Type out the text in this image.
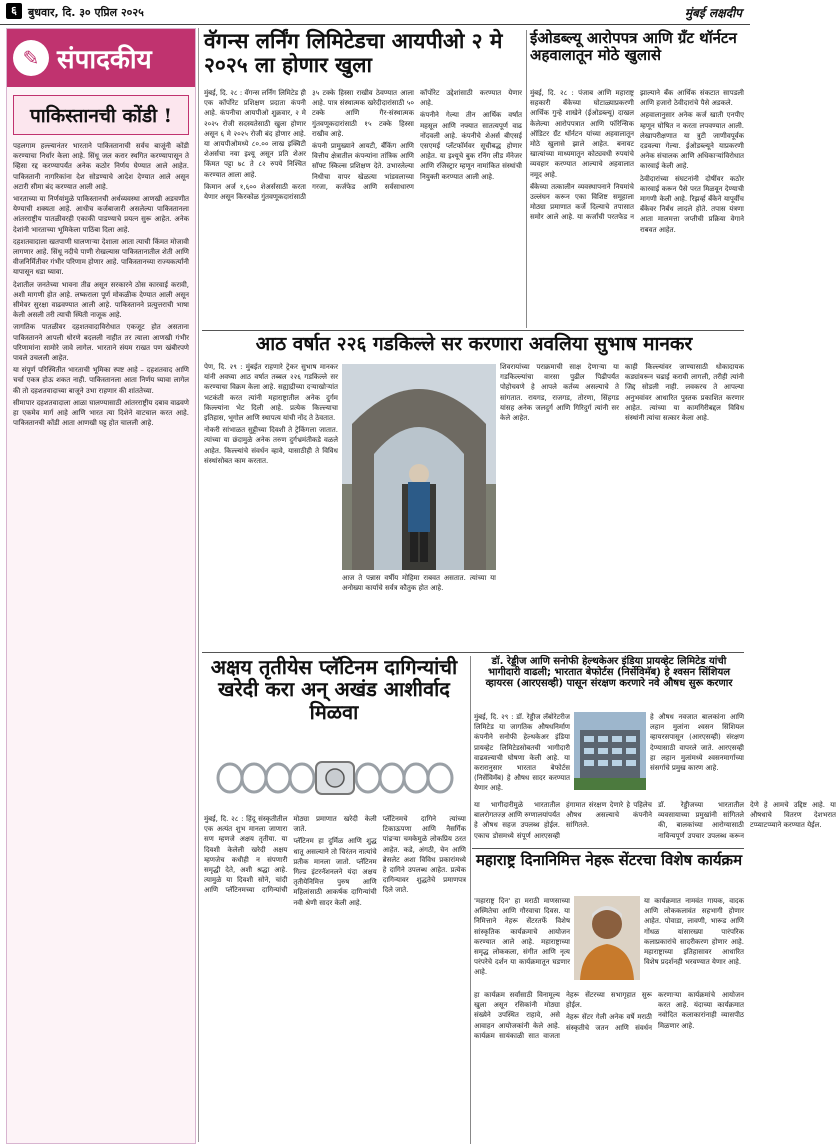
६	बुधवार, दि. ३० एप्रिल २०२५	मुंबई लक्षदीप
✎ संपादकीय
पाकिस्तानची कोंडी !

पहलगाम हल्ल्यानंतर भारताने पाकिस्तानाची सर्वच बाजूंनी कोंडी करण्याचा निर्धार केला आहे. सिंधू जल करार स्थगित करण्यापासून ते व्हिसा रद्द करण्यापर्यंत अनेक कठोर निर्णय घेण्यात आले आहेत. पाकिस्तानी नागरिकांना देश सोडण्याचे आदेश देण्यात आले असून अटारी सीमा बंद करण्यात आली आहे.

भारताच्या या निर्णयांमुळे पाकिस्तानची अर्थव्यवस्था आणखी अडचणीत येण्याची शक्यता आहे. आधीच कर्जबाजारी असलेल्या पाकिस्तानला आंतरराष्ट्रीय पातळीवरही एकाकी पाडण्याचे प्रयत्न सुरू आहेत. अनेक देशांनी भारताच्या भूमिकेला पाठिंबा दिला आहे.

दहशतवादाला खतपाणी घालणाऱ्या देशाला आता त्याची किंमत मोजावी लागणार आहे. सिंधू नदीचे पाणी रोखल्यास पाकिस्तानातील शेती आणि वीजनिर्मितीवर गंभीर परिणाम होणार आहे. पाकिस्तानच्या राज्यकर्त्यांनी यापासून धडा घ्यावा.

देशातील जनतेच्या भावना तीव्र असून सरकारने ठोस कारवाई करावी, अशी मागणी होत आहे. लष्कराला पूर्ण मोकळीक देण्यात आली असून सीमेवर सुरक्षा वाढवण्यात आली आहे. पाकिस्तानने प्रत्युत्तराची भाषा केली असली तरी त्याची स्थिती नाजूक आहे.

जागतिक पातळीवर दहशतवादाविरोधात एकजूट होत असताना पाकिस्तानने आपली धोरणे बदलली नाहीत तर त्याला आणखी गंभीर परिणामांना सामोरे जावे लागेल. भारताने संयम राखत पण खंबीरपणे पावले उचलली आहेत.

या संपूर्ण परिस्थितीत भारताची भूमिका स्पष्ट आहे – दहशतवाद आणि चर्चा एकत्र होऊ शकत नाही. पाकिस्तानला आता निर्णय घ्यावा लागेल की तो दहशतवादाच्या बाजूने उभा राहणार की शांततेच्या.

सीमापार दहशतवादाला आळा घालण्यासाठी आंतरराष्ट्रीय दबाव वाढवणे हा एकमेव मार्ग आहे आणि भारत त्या दिशेने वाटचाल करत आहे. पाकिस्तानची कोंडी आता आणखी घट्ट होत चालली आहे.

वॅगन्स लर्निंग लिमिटेडचा आयपीओ २ मे २०२५ ला होणार खुला

मुंबई, दि. २८ : वॅगन्स लर्निंग लिमिटेड ही एक कॉर्पोरेट प्रशिक्षण प्रदाता कंपनी आहे. कंपनीचा आयपीओ शुक्रवार, २ मे २०२५ रोजी सदस्यतेसाठी खुला होणार असून ६ मे २०२५ रोजी बंद होणार आहे. या आयपीओमध्ये ८०.०० लाख इक्विटी शेअर्सचा नवा इश्यू असून प्रति शेअर किंमत पट्टा ७८ ते ८२ रुपये निश्चित करण्यात आला आहे.

किमान अर्ज १,६०० शेअर्ससाठी करता येणार असून किरकोळ गुंतवणूकदारांसाठी ३५ टक्के हिस्सा राखीव ठेवण्यात आला आहे. पात्र संस्थात्मक खरेदीदारांसाठी ५० टक्के आणि गैर-संस्थात्मक गुंतवणूकदारांसाठी १५ टक्के हिस्सा राखीव आहे.

कंपनी प्रामुख्याने आयटी, बँकिंग आणि वित्तीय क्षेत्रातील कंपन्यांना तांत्रिक आणि सॉफ्ट स्किल्स प्रशिक्षण देते. उभारलेल्या निधीचा वापर खेळत्या भांडवलाच्या गरजा, कर्जफेड आणि सर्वसाधारण कॉर्पोरेट उद्देशांसाठी करण्यात येणार आहे.

कंपनीने गेल्या तीन आर्थिक वर्षांत महसूल आणि नफ्यात सातत्यपूर्ण वाढ नोंदवली आहे. कंपनीचे शेअर्स बीएसई एसएमई प्लॅटफॉर्मवर सूचीबद्ध होणार आहेत. या इश्यूचे बुक रनिंग लीड मॅनेजर आणि रजिस्ट्रार म्हणून नामांकित संस्थांची नियुक्ती करण्यात आली आहे.

ईओडब्ल्यू आरोपपत्र आणि ग्रँट थॉर्नटन अहवालातून मोठे खुलासे

मुंबई, दि. २८ : पंजाब आणि महाराष्ट्र सहकारी बँकेच्या घोटाळ्याप्रकरणी आर्थिक गुन्हे शाखेने (ईओडब्ल्यू) दाखल केलेल्या आरोपपत्रात आणि फॉरेन्सिक ऑडिटर ग्रँट थॉर्नटन यांच्या अहवालातून मोठे खुलासे झाले आहेत. बनावट खात्यांच्या माध्यमातून कोट्यवधी रुपयांचे व्यवहार करण्यात आल्याचे अहवालात नमूद आहे.

बँकेच्या तत्कालीन व्यवस्थापनाने नियमांचे उल्लंघन करून एका विशिष्ट समूहाला मोठ्या प्रमाणात कर्जे दिल्याचे तपासात समोर आले आहे. या कर्जांची परतफेड न झाल्याने बँक आर्थिक संकटात सापडली आणि हजारो ठेवीदारांचे पैसे अडकले.

अहवालानुसार अनेक कर्ज खाती एनपीए म्हणून घोषित न करता लपवण्यात आली. लेखापरीक्षणात या त्रुटी जाणीवपूर्वक दडवल्या गेल्या. ईओडब्ल्यूने याप्रकरणी अनेक संचालक आणि अधिकाऱ्यांविरोधात कारवाई केली आहे.

ठेवीदारांच्या संघटनांनी दोषींवर कठोर कारवाई करून पैसे परत मिळवून देण्याची मागणी केली आहे. रिझर्व्ह बँकेने यापूर्वीच बँकेवर निर्बंध लादले होते. तपास यंत्रणा आता मालमत्ता जप्तीची प्रक्रिया वेगाने राबवत आहेत.

आठ वर्षात २२६ गडकिल्ले सर करणारा अवलिया सुभाष मानकर

पेण, दि. २९ : मुंबईत राहणारे ट्रेकर सुभाष मानकर यांनी अवघ्या आठ वर्षात तब्बल २२६ गडकिल्ले सर करण्याचा विक्रम केला आहे. सह्याद्रीच्या दऱ्याखोऱ्यांत भटकंती करत त्यांनी महाराष्ट्रातील अनेक दुर्गम किल्ल्यांना भेट दिली आहे. प्रत्येक किल्ल्याचा इतिहास, भूगोल आणि स्थापत्य यांची नोंद ते ठेवतात.

नोकरी सांभाळत सुट्टीच्या दिवशी ते ट्रेकिंगला जातात. त्यांच्या या छंदामुळे अनेक तरुण दुर्गभ्रमंतीकडे वळले आहेत. किल्ल्यांचे संवर्धन व्हावे, यासाठीही ते विविध संस्थांसोबत काम करतात.

आज ते पन्नास वर्षीय मोहिमा राबवत असतात. त्यांच्या या अनोख्या कार्याचे सर्वत्र कौतुक होत आहे.

शिवरायांच्या पराक्रमाची साक्ष देणाऱ्या या गडकिल्ल्यांचा वारसा पुढील पिढीपर्यंत पोहोचवणे हे आपले कर्तव्य असल्याचे ते सांगतात. रायगड, राजगड, तोरणा, सिंहगड यांसह अनेक जलदुर्ग आणि गिरिदुर्ग त्यांनी सर केले आहेत.

काही किल्ल्यांवर जाण्यासाठी धोकादायक कड्यांवरून चढाई करावी लागली, तरीही त्यांनी जिद्द सोडली नाही. लवकरच ते आपल्या अनुभवांवर आधारित पुस्तक प्रकाशित करणार आहेत. त्यांच्या या कामगिरीबद्दल विविध संस्थांनी त्यांचा सत्कार केला आहे.

अक्षय तृतीयेस प्लॅटिनम दागिन्यांची खरेदी करा अन् अखंड आशीर्वाद मिळवा

मुंबई, दि. २८ : हिंदू संस्कृतीतील एक अत्यंत शुभ मानला जाणारा सण म्हणजे अक्षय तृतीया. या दिवशी केलेली खरेदी अक्षय म्हणजेच कधीही न संपणारी समृद्धी देते, अशी श्रद्धा आहे. त्यामुळे या दिवशी सोने, चांदी आणि प्लॅटिनमच्या दागिन्यांची मोठ्या प्रमाणात खरेदी केली जाते.

प्लॅटिनम हा दुर्मिळ आणि शुद्ध धातू असल्याने तो चिरंतन नात्यांचे प्रतीक मानला जातो. प्लॅटिनम गिल्ड इंटरनॅशनलने यंदा अक्षय तृतीयेनिमित्त पुरुष आणि महिलांसाठी आकर्षक दागिन्यांची नवी श्रेणी सादर केली आहे.

प्लॅटिनमचे दागिने त्यांच्या टिकाऊपणा आणि नैसर्गिक पांढऱ्या चमकेमुळे लोकप्रिय ठरत आहेत. कडे, अंगठी, चेन आणि ब्रेसलेट अशा विविध प्रकारांमध्ये हे दागिने उपलब्ध आहेत. प्रत्येक दागिन्यावर शुद्धतेचे प्रमाणपत्र दिले जाते.

डॉ. रेड्डीज आणि सनोफी हेल्थकेअर इंडिया प्रायव्हेट लिमिटेड यांची भागीदारी वाढली; भारतात बेफोर्टस (निर्सेविमॅब) हे श्वसन सिंशियल व्हायरस (आरएसव्ही) पासून संरक्षण करणारे नवे औषध सुरू करणार

मुंबई, दि. २९ : डॉ. रेड्डीज लॅबोरेटरीज लिमिटेड या जागतिक औषधनिर्माण कंपनीने सनोफी हेल्थकेअर इंडिया प्रायव्हेट लिमिटेडसोबतची भागीदारी वाढवल्याची घोषणा केली आहे. या करारानुसार भारतात बेफोर्टस (निर्सेविमॅब) हे औषध सादर करण्यात येणार आहे.

हे औषध नवजात बालकांना आणि लहान मुलांना श्वसन सिंशियल व्हायरसपासून (आरएसव्ही) संरक्षण देण्यासाठी वापरले जाते. आरएसव्ही हा लहान मुलांमध्ये श्वसनमार्गाच्या संसर्गाचे प्रमुख कारण आहे.

या भागीदारीमुळे भारतातील बालरोगतज्ज्ञ आणि रुग्णालयांपर्यंत हे औषध सहज उपलब्ध होईल. एकाच डोसमध्ये संपूर्ण आरएसव्ही हंगामात संरक्षण देणारे हे पहिलेच औषध असल्याचे कंपनीने सांगितले.

डॉ. रेड्डीजच्या भारतातील व्यवसायाच्या प्रमुखांनी सांगितले की, बालकांच्या आरोग्यासाठी नाविन्यपूर्ण उपचार उपलब्ध करून देणे हे आमचे उद्दिष्ट आहे. या औषधाचे वितरण देशभरात टप्प्याटप्प्याने करण्यात येईल.

महाराष्ट्र दिनानिमित्त नेहरू सेंटरचा विशेष कार्यक्रम

'महाराष्ट्र दिन' हा मराठी माणसाच्या अस्मितेचा आणि गौरवाचा दिवस. या निमित्ताने नेहरू सेंटरतर्फे विशेष सांस्कृतिक कार्यक्रमाचे आयोजन करण्यात आले आहे. महाराष्ट्राच्या समृद्ध लोककला, संगीत आणि नृत्य परंपरेचे दर्शन या कार्यक्रमातून घडणार आहे.

या कार्यक्रमात नामवंत गायक, वादक आणि लोककलावंत सहभागी होणार आहेत. पोवाडा, लावणी, भारूड आणि गोंधळ यांसारख्या पारंपरिक कलाप्रकारांचे सादरीकरण होणार आहे. महाराष्ट्राच्या इतिहासावर आधारित विशेष प्रदर्शनही भरवण्यात येणार आहे.

हा कार्यक्रम सर्वांसाठी विनामूल्य खुला असून रसिकांनी मोठ्या संख्येने उपस्थित राहावे, असे आवाहन आयोजकांनी केले आहे. कार्यक्रम सायंकाळी सात वाजता नेहरू सेंटरच्या सभागृहात सुरू होईल.

नेहरू सेंटर गेली अनेक वर्षे मराठी संस्कृतीचे जतन आणि संवर्धन करणाऱ्या कार्यक्रमांचे आयोजन करत आहे. यंदाच्या कार्यक्रमात नवोदित कलाकारांनाही व्यासपीठ मिळणार आहे.
